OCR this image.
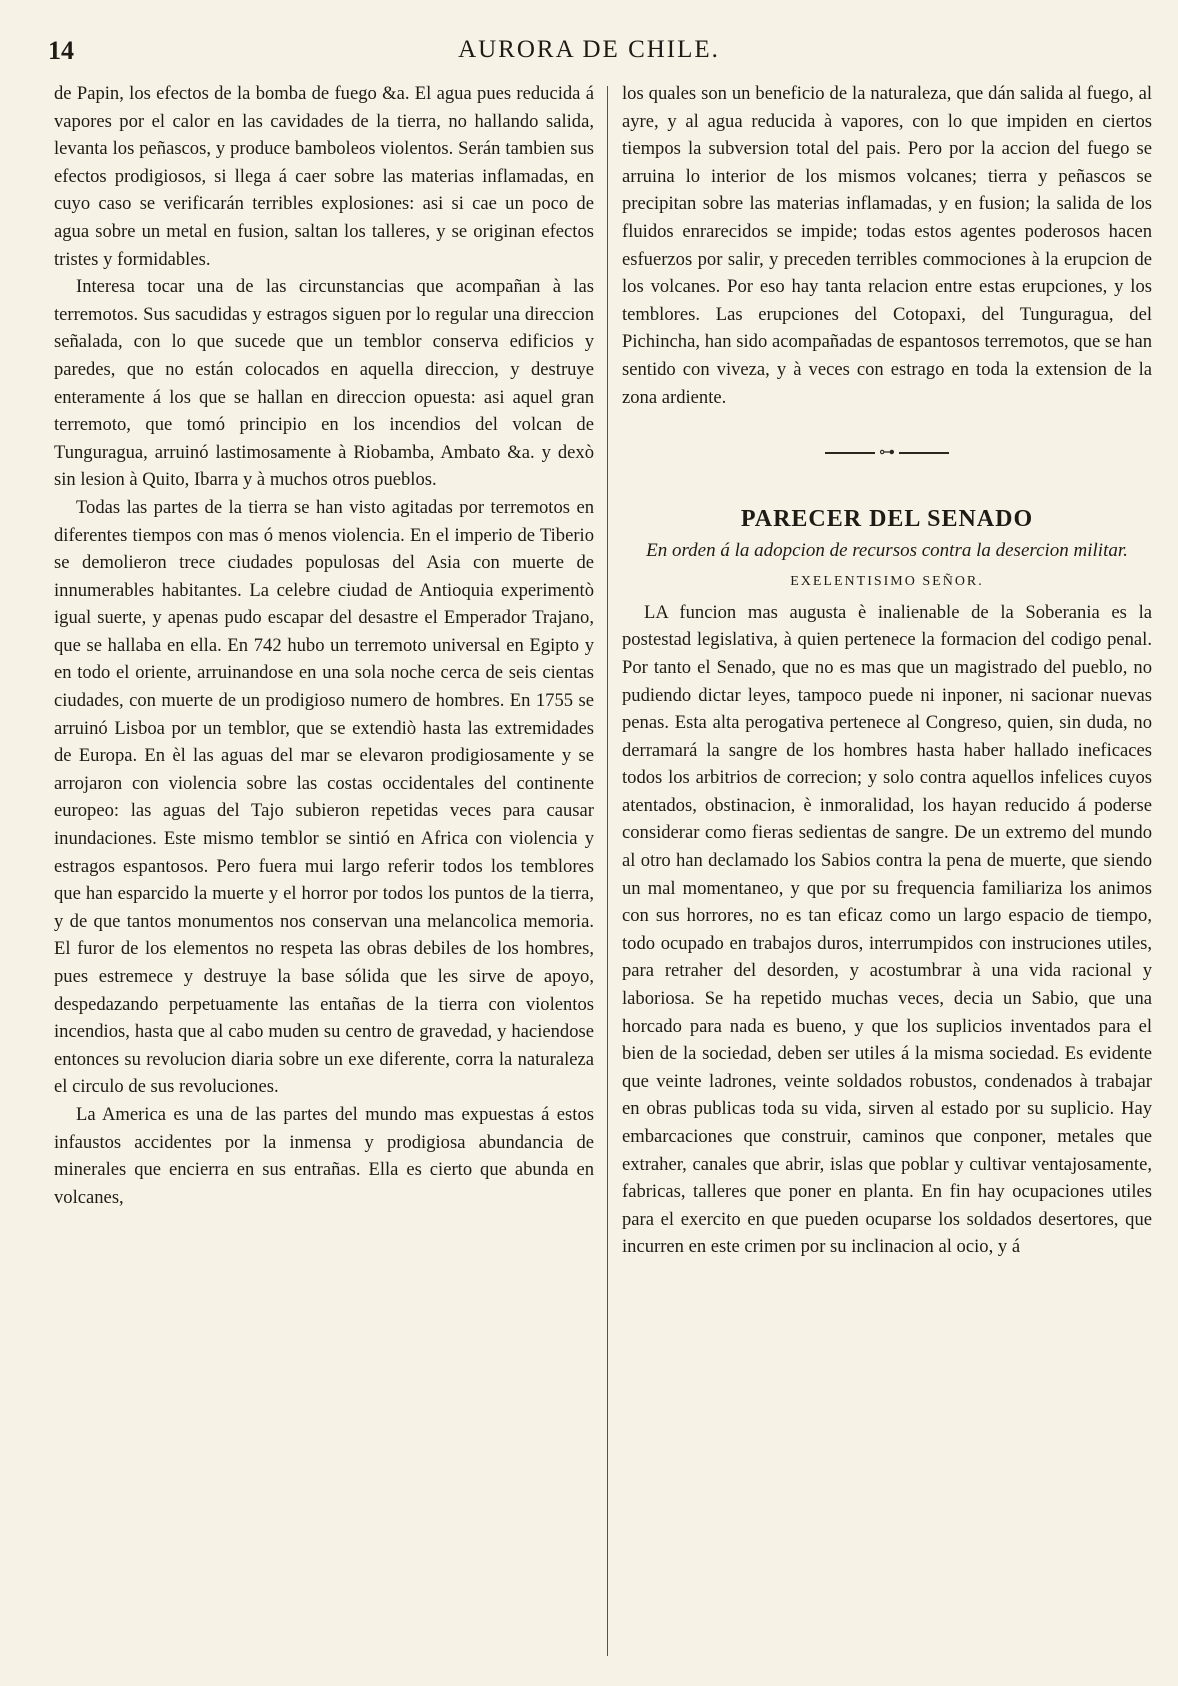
14	AURORA DE CHILE.

de Papin, los efectos de la bomba de fuego &a. El agua pues reducida á vapores por el calor en las cavidades de la tierra, no hallando salida, levanta los peñascos, y produce bamboleos violentos. Serán tambien sus efectos prodigiosos, si llega á caer sobre las materias inflamadas, en cuyo caso se verificarán terribles explosiones: asi si cae un poco de agua sobre un metal en fusion, saltan los talleres, y se originan efectos tristes y formidables.

Interesa tocar una de las circunstancias que acompañan à las terremotos. Sus sacudidas y estragos siguen por lo regular una direccion señalada, con lo que sucede que un temblor conserva edificios y paredes, que no están colocados en aquella direccion, y destruye enteramente á los que se hallan en direccion opuesta: asi aquel gran terremoto, que tomó principio en los incendios del volcan de Tunguragua, arruinó lastimosamente à Riobamba, Ambato &a. y dexò sin lesion à Quito, Ibarra y à muchos otros pueblos.

Todas las partes de la tierra se han visto agitadas por terremotos en diferentes tiempos con mas ó menos violencia. En el imperio de Tiberio se demolieron trece ciudades populosas del Asia con muerte de innumerables habitantes. La celebre ciudad de Antioquia experimentò igual suerte, y apenas pudo escapar del desastre el Emperador Trajano, que se hallaba en ella. En 742 hubo un terremoto universal en Egipto y en todo el oriente, arruinandose en una sola noche cerca de seis cientas ciudades, con muerte de un prodigioso numero de hombres. En 1755 se arruinó Lisboa por un temblor, que se extendiò hasta las extremidades de Europa. En èl las aguas del mar se elevaron prodigiosamente y se arrojaron con violencia sobre las costas occidentales del continente europeo: las aguas del Tajo subieron repetidas veces para causar inundaciones. Este mismo temblor se sintió en Africa con violencia y estragos espantosos. Pero fuera mui largo referir todos los temblores que han esparcido la muerte y el horror por todos los puntos de la tierra, y de que tantos monumentos nos conservan una melancolica memoria. El furor de los elementos no respeta las obras debiles de los hombres, pues estremece y destruye la base sólida que les sirve de apoyo, despedazando perpetuamente las entañas de la tierra con violentos incendios, hasta que al cabo muden su centro de gravedad, y haciendose entonces su revolucion diaria sobre un exe diferente, corra la naturaleza el circulo de sus revoluciones.

La America es una de las partes del mundo mas expuestas á estos infaustos accidentes por la inmensa y prodigiosa abundancia de minerales que encierra en sus entrañas. Ella es cierto que abunda en volcanes,

los quales son un beneficio de la naturaleza, que dán salida al fuego, al ayre, y al agua reducida à vapores, con lo que impiden en ciertos tiempos la subversion total del pais. Pero por la accion del fuego se arruina lo interior de los mismos volcanes; tierra y peñascos se precipitan sobre las materias inflamadas, y en fusion; la salida de los fluidos enrarecidos se impide; todas estos agentes poderosos hacen esfuerzos por salir, y preceden terribles commociones à la erupcion de los volcanes. Por eso hay tanta relacion entre estas erupciones, y los temblores. Las erupciones del Cotopaxi, del Tunguragua, del Pichincha, han sido acompañadas de espantosos terremotos, que se han sentido con viveza, y à veces con estrago en toda la extension de la zona ardiente.

⊶
PARECER DEL SENADO
En orden á la adopcion de recursos contra la desercion militar.
EXELENTISIMO SEÑOR.

LA funcion mas augusta è inalienable de la Soberania es la postestad legislativa, à quien pertenece la formacion del codigo penal. Por tanto el Senado, que no es mas que un magistrado del pueblo, no pudiendo dictar leyes, tampoco puede ni inponer, ni sacionar nuevas penas. Esta alta perogativa pertenece al Congreso, quien, sin duda, no derramará la sangre de los hombres hasta haber hallado ineficaces todos los arbitrios de correcion; y solo contra aquellos infelices cuyos atentados, obstinacion, è inmoralidad, los hayan reducido á poderse considerar como fieras sedientas de sangre. De un extremo del mundo al otro han declamado los Sabios contra la pena de muerte, que siendo un mal momentaneo, y que por su frequencia familiariza los animos con sus horrores, no es tan eficaz como un largo espacio de tiempo, todo ocupado en trabajos duros, interrumpidos con instruciones utiles, para retraher del desorden, y acostumbrar à una vida racional y laboriosa. Se ha repetido muchas veces, decia un Sabio, que una horcado para nada es bueno, y que los suplicios inventados para el bien de la sociedad, deben ser utiles á la misma sociedad. Es evidente que veinte ladrones, veinte soldados robustos, condenados à trabajar en obras publicas toda su vida, sirven al estado por su suplicio. Hay embarcaciones que construir, caminos que conponer, metales que extraher, canales que abrir, islas que poblar y cultivar ventajosamente, fabricas, talleres que poner en planta. En fin hay ocupaciones utiles para el exercito en que pueden ocuparse los soldados desertores, que incurren en este crimen por su inclinacion al ocio, y á
